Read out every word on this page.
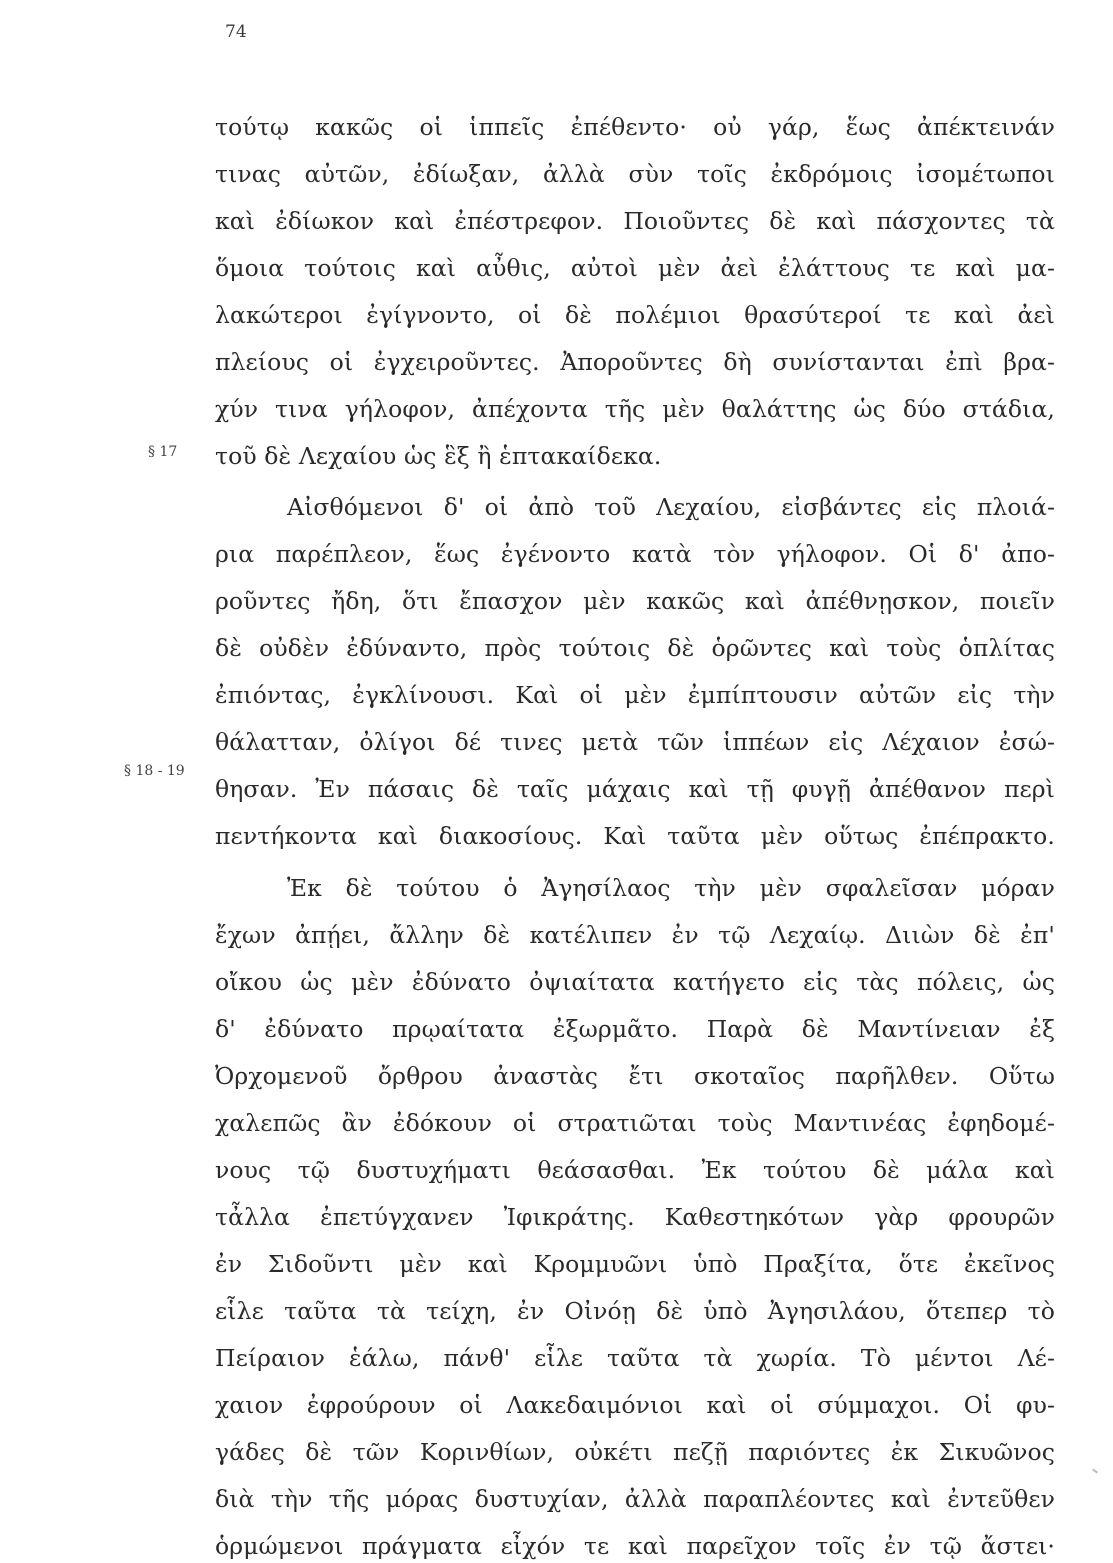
74
§ 17
§ 18 - 19
τούτῳ κακῶς οἱ ἱππεῖς ἐπέθεντο· οὐ γάρ, ἕως ἀπέκτεινάν
τινας αὐτῶν, ἐδίωξαν, ἀλλὰ σὺν τοῖς ἐκδρόμοις ἰσομέτωποι
καὶ ἐδίωκον καὶ ἐπέστρεφον. Ποιοῦντες δὲ καὶ πάσχοντες τὰ
ὅμοια τούτοις καὶ αὖθις, αὐτοὶ μὲν ἀεὶ ἐλάττους τε καὶ μα-
λακώτεροι ἐγίγνοντο, οἱ δὲ πολέμιοι θρασύτεροί τε καὶ ἀεὶ
πλείους οἱ ἐγχειροῦντες. Ἀποροῦντες δὴ συνίστανται ἐπὶ βρα-
χύν τινα γήλοφον, ἀπέχοντα τῆς μὲν θαλάττης ὡς δύο στάδια,
τοῦ δὲ Λεχαίου ὡς ἓξ ἢ ἑπτακαίδεκα.
Αἰσθόμενοι δ' οἱ ἀπὸ τοῦ Λεχαίου, εἰσβάντες εἰς πλοιά-
ρια παρέπλεον, ἕως ἐγένοντο κατὰ τὸν γήλοφον. Οἱ δ' ἀπο-
ροῦντες ἤδη, ὅτι ἔπασχον μὲν κακῶς καὶ ἀπέθνῃσκον, ποιεῖν
δὲ οὐδὲν ἐδύναντο, πρὸς τούτοις δὲ ὁρῶντες καὶ τοὺς ὁπλίτας
ἐπιόντας, ἐγκλίνουσι. Καὶ οἱ μὲν ἐμπίπτουσιν αὐτῶν εἰς τὴν
θάλατταν, ὀλίγοι δέ τινες μετὰ τῶν ἱππέων εἰς Λέχαιον ἐσώ-
θησαν. Ἐν πάσαις δὲ ταῖς μάχαις καὶ τῇ φυγῇ ἀπέθανον περὶ
πεντήκοντα καὶ διακοσίους. Καὶ ταῦτα μὲν οὕτως ἐπέπρακτο.
Ἐκ δὲ τούτου ὁ Ἀγησίλαος τὴν μὲν σφαλεῖσαν μόραν
ἔχων ἀπῄει, ἄλλην δὲ κατέλιπεν ἐν τῷ Λεχαίῳ. Διιὼν δὲ ἐπ'
οἴκου ὡς μὲν ἐδύνατο ὀψιαίτατα κατήγετο εἰς τὰς πόλεις, ὡς
δ' ἐδύνατο πρῳαίτατα ἐξωρμᾶτο. Παρὰ δὲ Μαντίνειαν ἐξ
Ὀρχομενοῦ ὄρθρου ἀναστὰς ἔτι σκοταῖος παρῆλθεν. Οὕτω
χαλεπῶς ἂν ἐδόκουν οἱ στρατιῶται τοὺς Μαντινέας ἐφηδομέ-
νους τῷ δυστυχήματι θεάσασθαι. Ἐκ τούτου δὲ μάλα καὶ
τἆλλα ἐπετύγχανεν Ἰφικράτης. Καθεστηκότων γὰρ φρουρῶν
ἐν Σιδοῦντι μὲν καὶ Κρομμυῶνι ὑπὸ Πραξίτα, ὅτε ἐκεῖνος
εἷλε ταῦτα τὰ τείχη, ἐν Οἰνόῃ δὲ ὑπὸ Ἀγησιλάου, ὅτεπερ τὸ
Πείραιον ἑάλω, πάνθ' εἷλε ταῦτα τὰ χωρία. Τὸ μέντοι Λέ-
χαιον ἐφρούρουν οἱ Λακεδαιμόνιοι καὶ οἱ σύμμαχοι. Οἱ φυ-
γάδες δὲ τῶν Κορινθίων, οὐκέτι πεζῇ παριόντες ἐκ Σικυῶνος
διὰ τὴν τῆς μόρας δυστυχίαν, ἀλλὰ παραπλέοντες καὶ ἐντεῦθεν
ὁρμώμενοι πράγματα εἶχόν τε καὶ παρεῖχον τοῖς ἐν τῷ ἄστει·
